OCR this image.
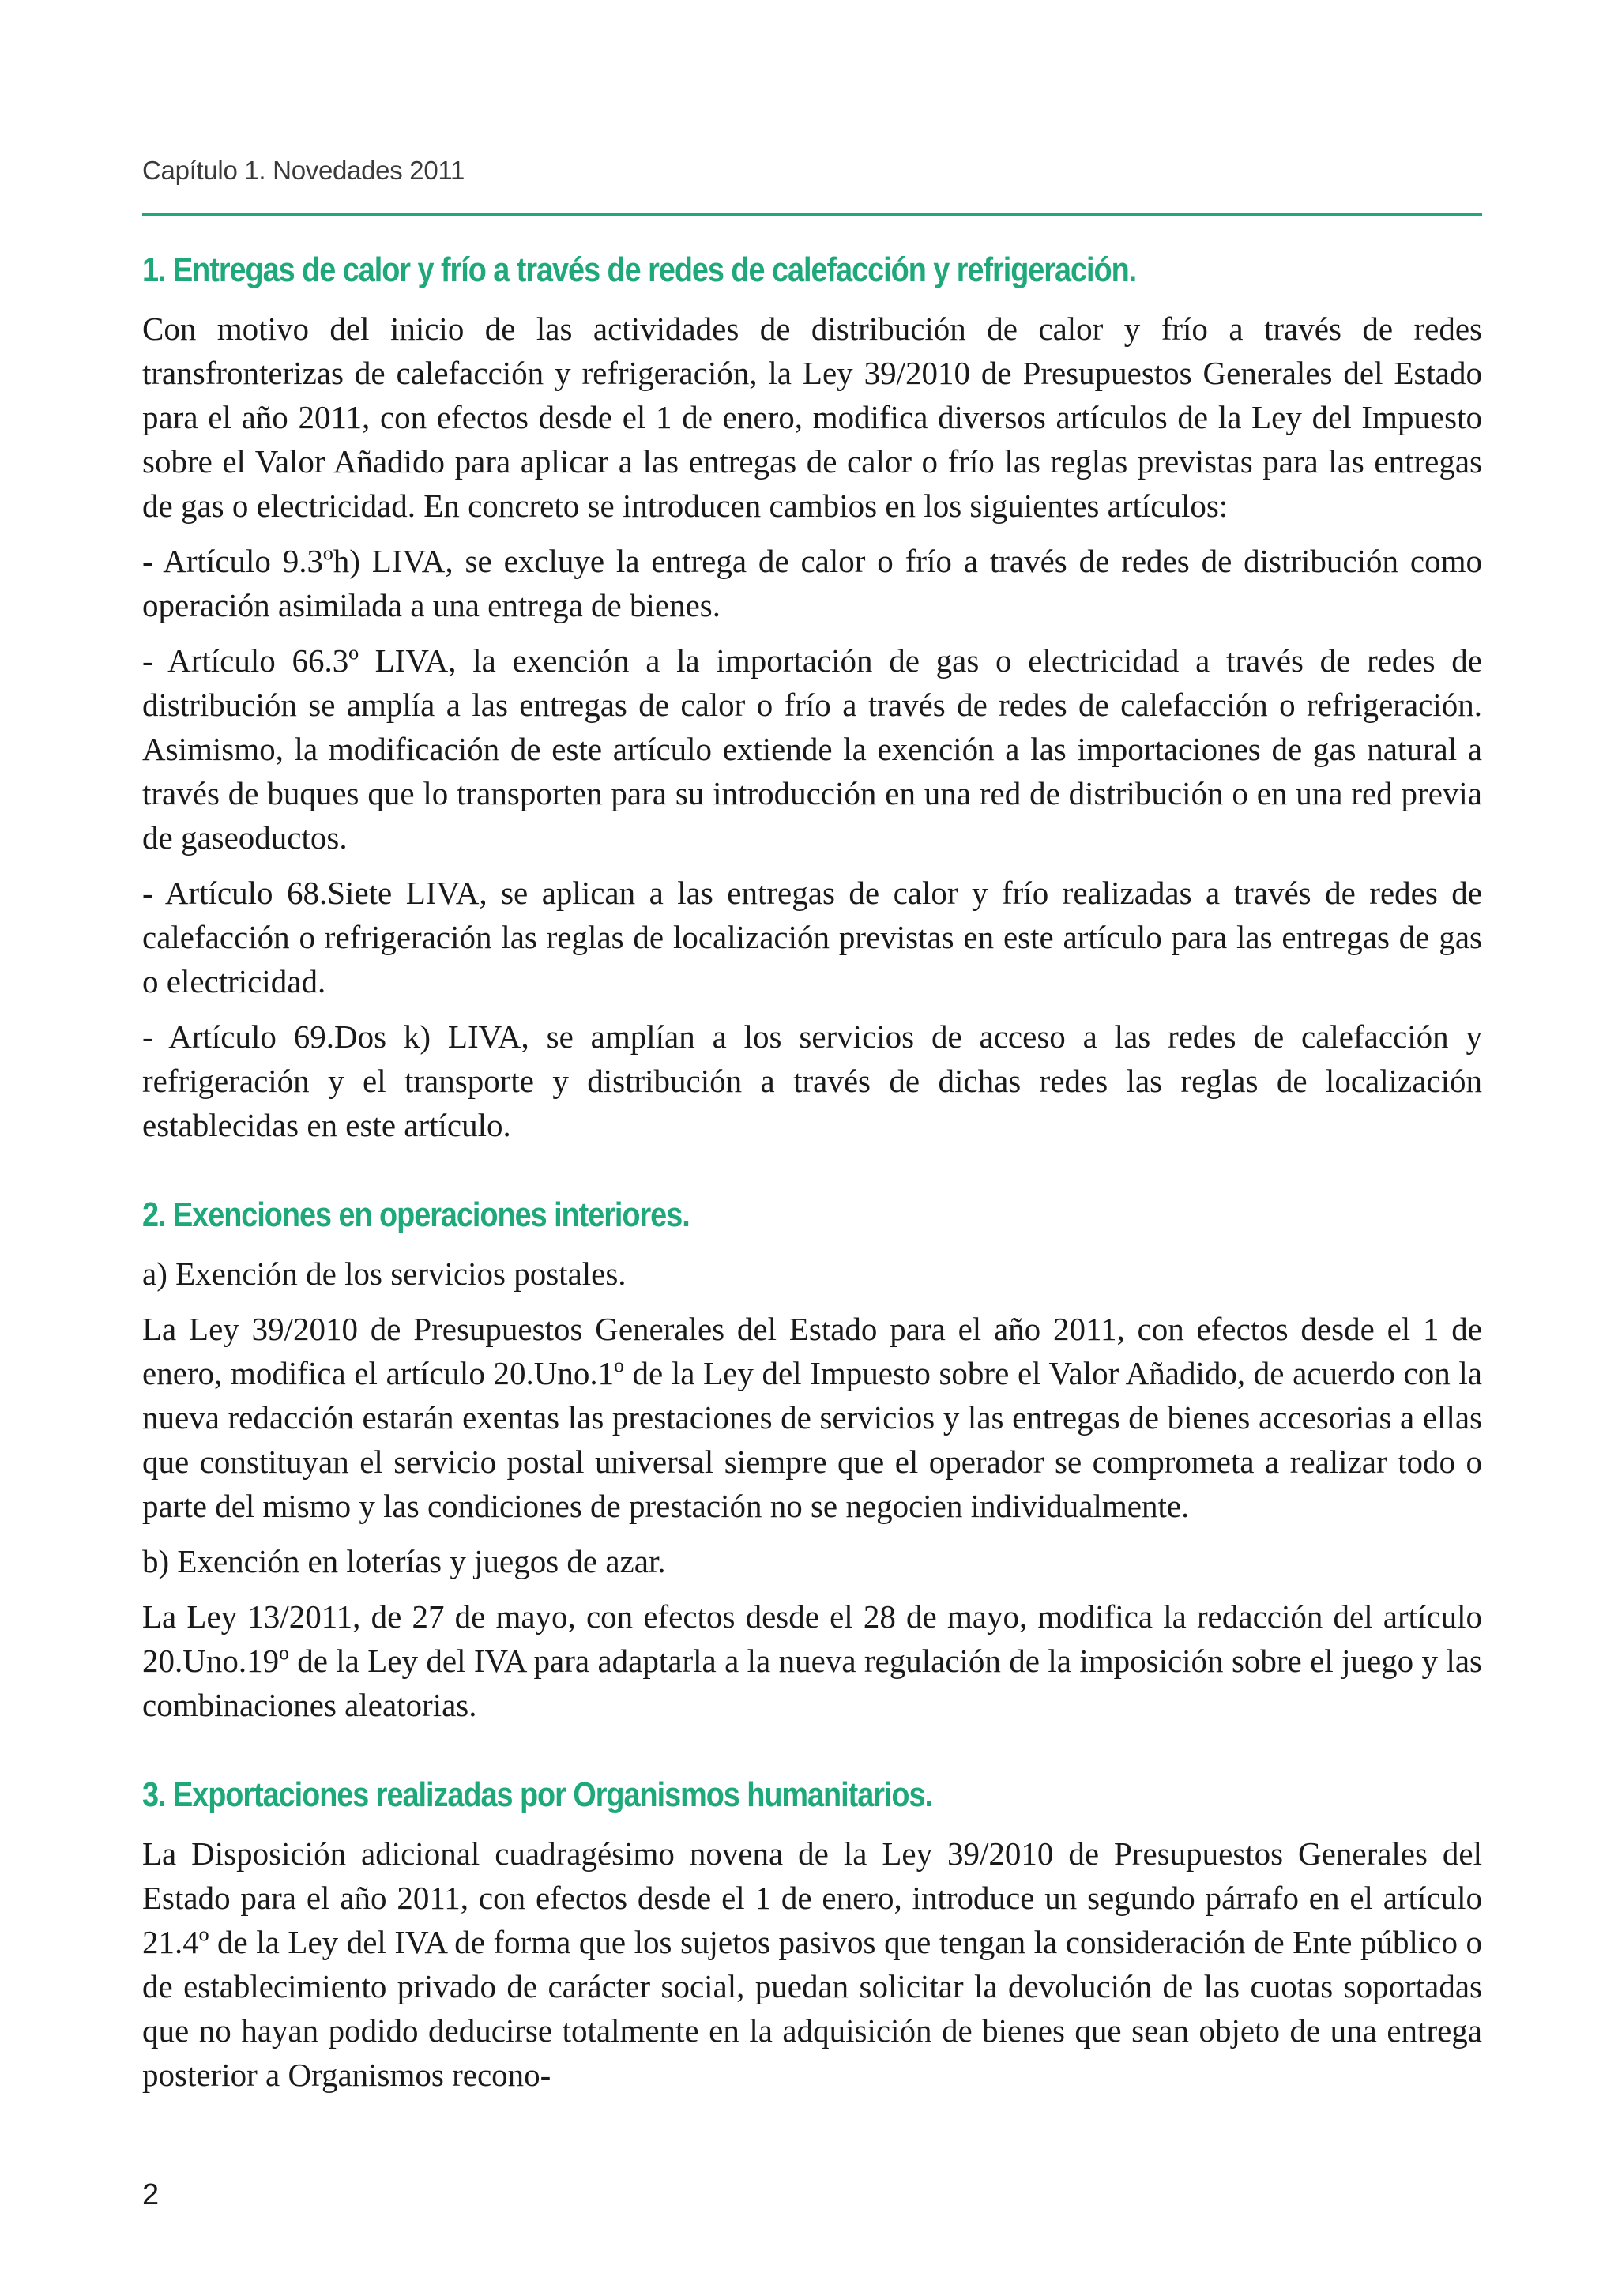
Capítulo 1. Novedades 2011

1. Entregas de calor y frío a través de redes de calefacción y refrigeración.

Con motivo del inicio de las actividades de distribución de calor y frío a través de redes transfronterizas de calefacción y refrigeración, la Ley 39/2010 de Presupuestos Generales del Estado para el año 2011, con efectos desde el 1 de enero, modifica diversos artículos de la Ley del Impuesto sobre el Valor Añadido para aplicar a las entregas de calor o frío las reglas previstas para las entregas de gas o electricidad. En concreto se introducen cambios en los siguientes artículos:

- Artículo 9.3ºh) LIVA, se excluye la entrega de calor o frío a través de redes de distribución como operación asimilada a una entrega de bienes.

- Artículo 66.3º LIVA, la exención a la importación de gas o electricidad a través de redes de distribución se amplía a las entregas de calor o frío a través de redes de calefacción o refrigeración. Asimismo, la modificación de este artículo extiende la exención a las importaciones de gas natural a través de buques que lo transporten para su introducción en una red de distribución o en una red previa de gaseoductos.

- Artículo 68.Siete LIVA, se aplican a las entregas de calor y frío realizadas a través de redes de calefacción o refrigeración las reglas de localización previstas en este artículo para las entregas de gas o electricidad.

- Artículo 69.Dos k) LIVA, se amplían a los servicios de acceso a las redes de calefacción y refrigeración y el transporte y distribución a través de dichas redes las reglas de localización establecidas en este artículo.

2. Exenciones en operaciones interiores.

a) Exención de los servicios postales.

La Ley 39/2010 de Presupuestos Generales del Estado para el año 2011, con efectos desde el 1 de enero, modifica el artículo 20.Uno.1º de la Ley del Impuesto sobre el Valor Añadido, de acuerdo con la nueva redacción estarán exentas las prestaciones de servicios y las entregas de bienes accesorias a ellas que constituyan el servicio postal universal siempre que el operador se comprometa a realizar todo o parte del mismo y las condiciones de prestación no se negocien individualmente.

b) Exención en loterías y juegos de azar.

La Ley 13/2011, de 27 de mayo, con efectos desde el 28 de mayo, modifica la redacción del artículo 20.Uno.19º de la Ley del IVA para adaptarla a la nueva regulación de la imposición sobre el juego y las combinaciones aleatorias.

3. Exportaciones realizadas por Organismos humanitarios.

La Disposición adicional cuadragésimo novena de la Ley 39/2010 de Presupuestos Generales del Estado para el año 2011, con efectos desde el 1 de enero, introduce un segundo párrafo en el artículo 21.4º de la Ley del IVA de forma que los sujetos pasivos que tengan la consideración de Ente público o de establecimiento privado de carácter social, puedan solicitar la devolución de las cuotas soportadas que no hayan podido deducirse totalmente en la adquisición de bienes que sean objeto de una entrega posterior a Organismos recono-

2
